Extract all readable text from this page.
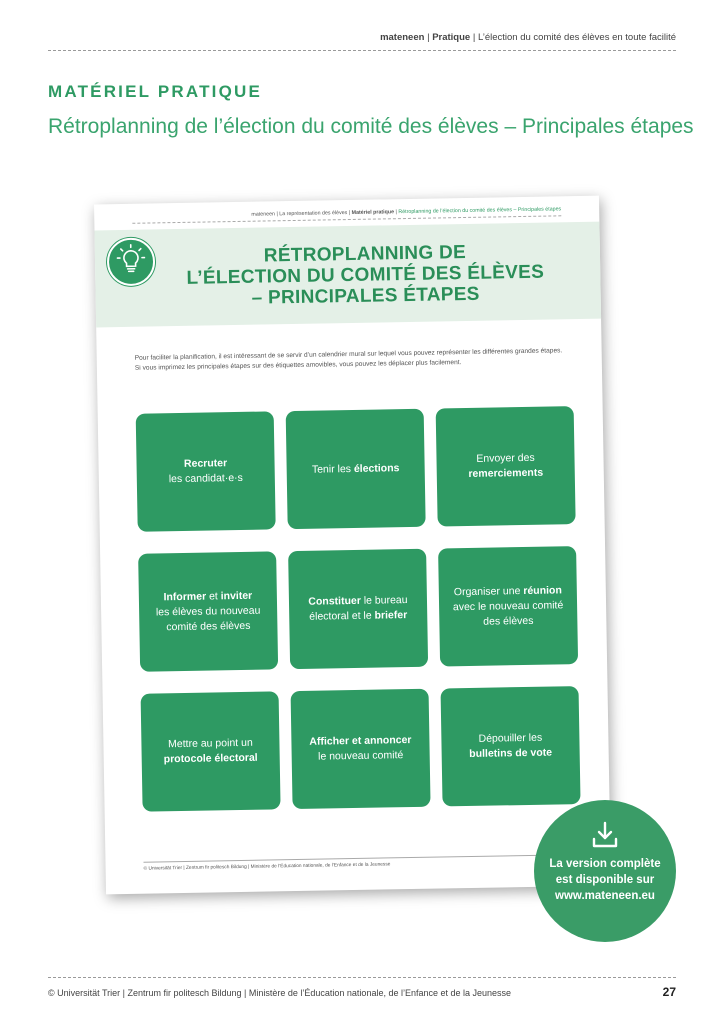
mateneen | Pratique | L’élection du comité des élèves en toute facilité
MATÉRIEL PRATIQUE
Rétroplanning de l’élection du comité des élèves – Principales étapes
mateneen | La représentation des élèves | Matériel pratique | Rétroplanning de l’élection du comité des élèves – Principales étapes
RÉTROPLANNING DE
L’ÉLECTION DU COMITÉ DES ÉLÈVES
– PRINCIPALES ÉTAPES
Pour faciliter la planification, il est intéressant de se servir d’un calendrier mural sur lequel vous pouvez représenter les différentes grandes étapes. Si vous imprimez les principales étapes sur des étiquettes amovibles, vous pouvez les déplacer plus facilement.
Recruter
les candidat·e·s
Tenir les élections
Envoyer des
remerciements
Informer et inviter
les élèves du nouveau comité des élèves
Constituer le bureau électoral et le briefer
Organiser une réunion
avec le nouveau comité des élèves
Mettre au point un
protocole électoral
Afficher et annoncer
le nouveau comité
Dépouiller les
bulletins de vote
© Universität Trier | Zentrum fir politesch Bildung | Ministère de l’Éducation nationale, de l’Enfance et de la Jeunesse	La version complète
est disponible sur
www.mateneen.eu
© Universität Trier | Zentrum fir politesch Bildung | Ministère de l’Éducation nationale, de l’Enfance et de la Jeunesse	27
